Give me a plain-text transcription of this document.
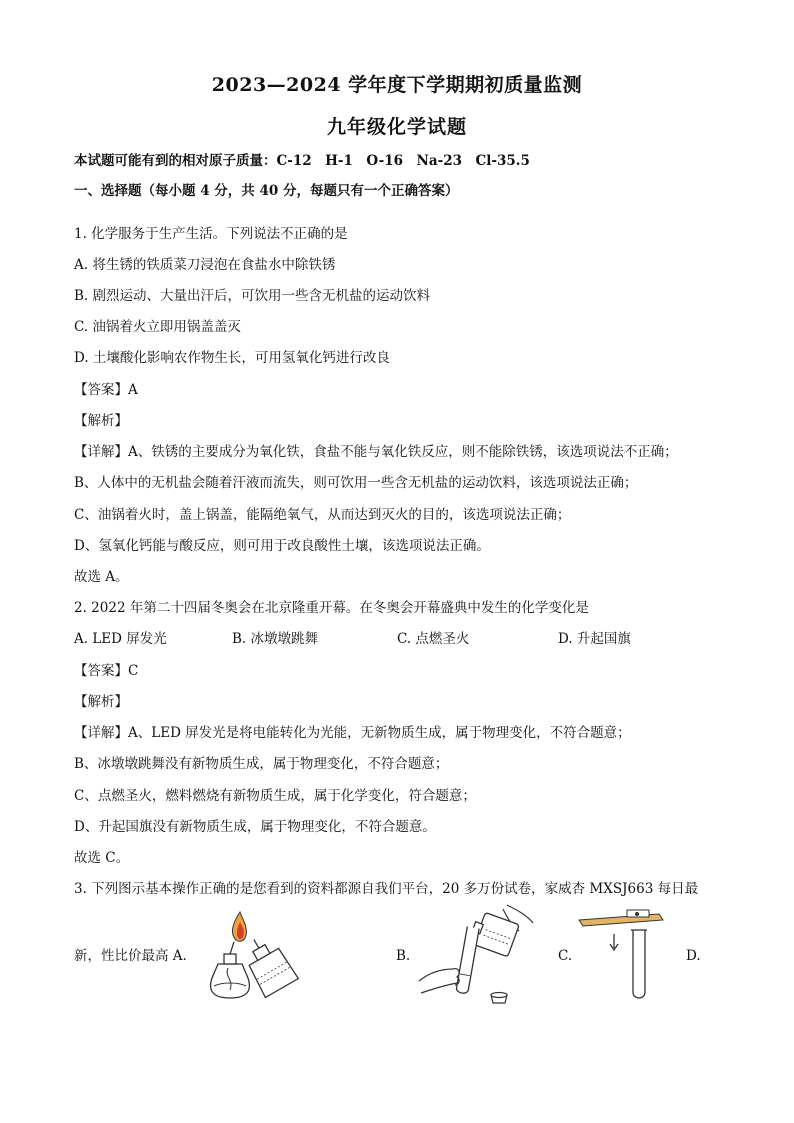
2023—2024 学年度下学期期初质量监测
九年级化学试题
本试题可能有到的相对原子质量：C-12　H-1　O-16　Na-23　Cl-35.5
一、选择题（每小题 4 分，共 40 分，每题只有一个正确答案）
1. 化学服务于生产生活。下列说法不正确的是
A. 将生锈的铁质菜刀浸泡在食盐水中除铁锈
B. 剧烈运动、大量出汗后，可饮用一些含无机盐的运动饮料
C. 油锅着火立即用锅盖盖灭
D. 土壤酸化影响农作物生长，可用氢氧化钙进行改良
【答案】A
【解析】
【详解】A、铁锈的主要成分为氧化铁，食盐不能与氧化铁反应，则不能除铁锈，该选项说法不正确；
B、人体中的无机盐会随着汗液而流失，则可饮用一些含无机盐的运动饮料，该选项说法正确；
C、油锅着火时，盖上锅盖，能隔绝氧气，从而达到灭火的目的，该选项说法正确；
D、氢氧化钙能与酸反应，则可用于改良酸性土壤，该选项说法正确。
故选 A。
2. 2022 年第二十四届冬奥会在北京隆重开幕。在冬奥会开幕盛典中发生的化学变化是
A. LED 屏发光	B. 冰墩墩跳舞	C. 点燃圣火	D. 升起国旗
【答案】C
【解析】
【详解】A、LED 屏发光是将电能转化为光能，无新物质生成，属于物理变化，不符合题意；
B、冰墩墩跳舞没有新物质生成，属于物理变化，不符合题意；
C、点燃圣火，燃料燃烧有新物质生成，属于化学变化，符合题意；
D、升起国旗没有新物质生成，属于物理变化，不符合题意。
故选 C。
3. 下列图示基本操作正确的是您看到的资料都源自我们平台，20 多万份试卷，家威杏 MXSJ663 每日最
新，性比价最高 A.	B.	C.	D.
